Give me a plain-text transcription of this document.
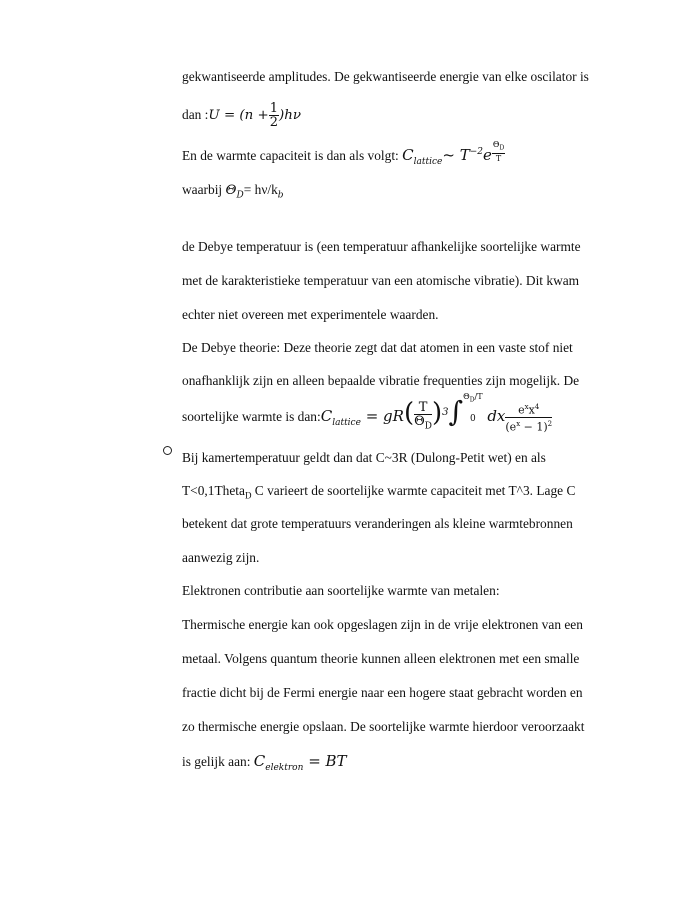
gekwantiseerde amplitudes. De gekwantiseerde energie van elke oscilator is
dan :U = $(n + \frac{1}{2} )h\nu$
En de warmte capaciteit is dan als volgt: $C_{lattice}\sim$ $T^{-2}e$ $^{\frac{\Theta_D}{T}}$
waarbij $\Theta_D= h\nu/k_b$
de Debye temperatuur is (een temperatuur afhankelijke soortelijke warmte
met de karakteristieke temperatuur van een atomische vibratie). Dit kwam
echter niet overeen met experimentele waarden.
De Debye theorie: Deze theorie zegt dat dat atomen in een vaste stof niet
onafhanklijk zijn en alleen bepaalde vibratie frequenties zijn mogelijk. De
soortelijke warmte is $dan:C_{lattice} = gR( \frac{T}{\Theta_D} )^3\int$ $\Theta_D/T$
0 dx $\frac{e^xx^4}{(e^x - 1)^2}$
Bij kamertemperatuur geldt dan dat C~3R (Dulong-Petit wet) en als
T<0,1Theta$_D$ C varieert de soortelijke warmte capaciteit met T^3. Lage C
betekent dat grote temperatuurs veranderingen als kleine warmtebronnen
aanwezig zijn.
Elektronen contributie aan soortelijke warmte van metalen:
Thermische energie kan ook opgeslagen zijn in de vrije elektronen van een
metaal. Volgens quantum theorie kunnen alleen elektronen met een smalle
fractie dicht bij de Fermi energie naar een hogere staat gebracht worden en
zo thermische energie opslaan. De soortelijke warmte hierdoor veroorzaakt
is gelijk aan: $C_{elektron}$ = BT
